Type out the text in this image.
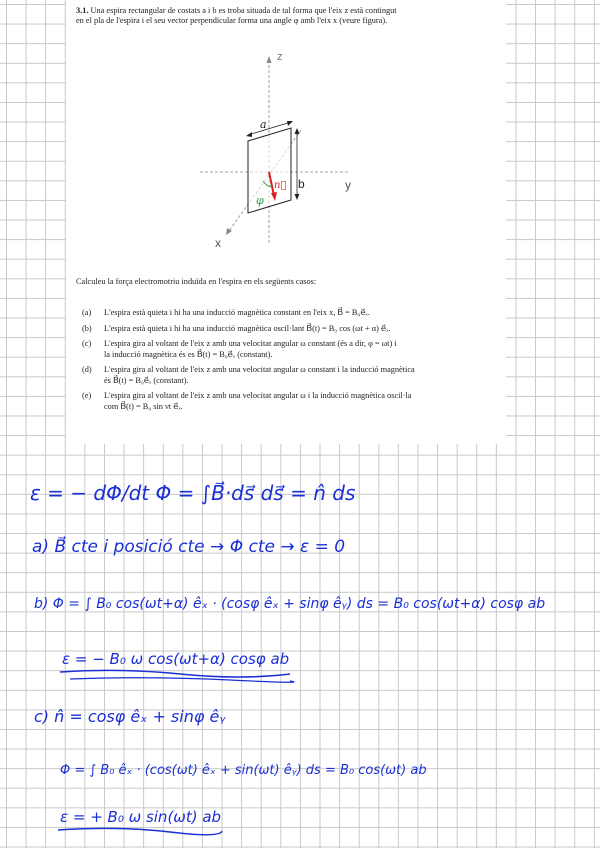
3.1. Una espira rectangular de costats a i b es troba situada de tal forma que l'eix z està contingut
en el pla de l'espira i el seu vector perpendicular forma una angle φ amb l'eix x (veure figura).
z
y
x
a
b
n⃗
φ
Calculeu la força electromotriu induïda en l'espira en els següents casos:
(a)	L'espira està quieta i hi ha una inducció magnètica constant en l'eix x, B⃗ = B₀e⃗ₓ.
(b)	L'espira està quieta i hi ha una inducció magnètica oscil·lant B⃗(t) = B₀ cos (ωt + α) e⃗ₓ.
(c)	L'espira gira al voltant de l'eix z amb una velocitat angular ω constant (és a dir, φ = ωt) i
la inducció magnètica és es B⃗(t) = B₀e⃗ₓ (constant).
(d)	L'espira gira al voltant de l'eix z amb una velocitat angular ω constant i la inducció magnètica
és B⃗(t) = B₀e⃗ₓ (constant).
(e)	L'espira gira al voltant de l'eix z amb una velocitat angular ω i la inducció magnètica oscil·la
com B⃗(t) = B₀ sin νt e⃗ₓ.
ε = − dΦ/dt Φ = ∫B⃗·ds⃗ ds⃗ = n̂ ds
a) B⃗ cte i posició cte → Φ cte → ε = 0
b) Φ = ∫ B₀ cos(ωt+α) êₓ · (cosφ êₓ + sinφ êᵧ) ds = B₀ cos(ωt+α) cosφ ab
ε = − B₀ ω cos(ωt+α) cosφ ab
c) n̂ = cosφ êₓ + sinφ êᵧ
Φ = ∫ B₀ êₓ · (cos(ωt) êₓ + sin(ωt) êᵧ) ds = B₀ cos(ωt) ab
ε = + B₀ ω sin(ωt) ab
